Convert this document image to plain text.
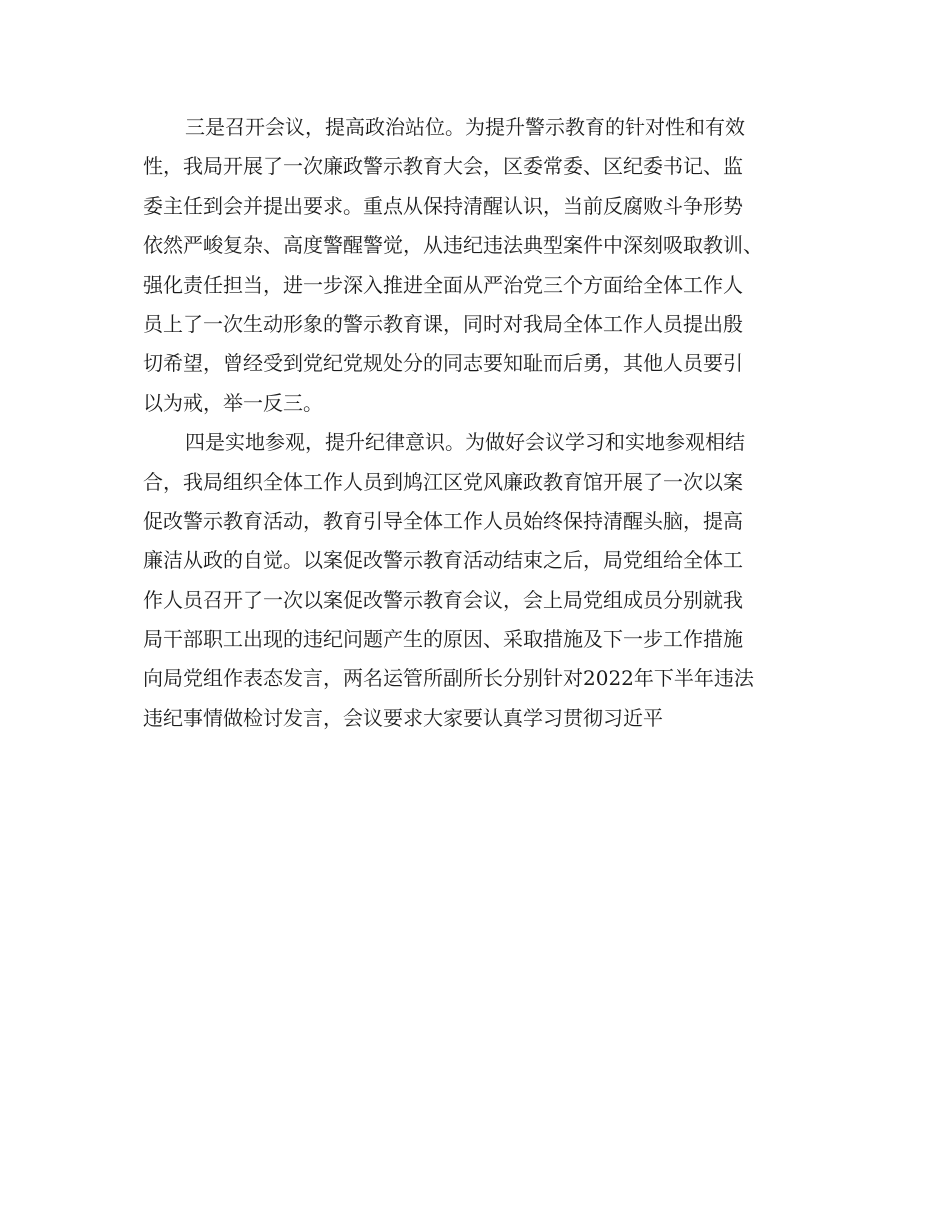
三是召开会议，提高政治站位。为提升警示教育的针对性和有效
性，我局开展了一次廉政警示教育大会，区委常委、区纪委书记、监
委主任到会并提出要求。重点从保持清醒认识，当前反腐败斗争形势
依然严峻复杂、高度警醒警觉，从违纪违法典型案件中深刻吸取教训、
强化责任担当，进一步深入推进全面从严治党三个方面给全体工作人
员上了一次生动形象的警示教育课，同时对我局全体工作人员提出殷
切希望，曾经受到党纪党规处分的同志要知耻而后勇，其他人员要引
以为戒，举一反三。
四是实地参观，提升纪律意识。为做好会议学习和实地参观相结
合，我局组织全体工作人员到鸠江区党风廉政教育馆开展了一次以案
促改警示教育活动，教育引导全体工作人员始终保持清醒头脑，提高
廉洁从政的自觉。以案促改警示教育活动结束之后，局党组给全体工
作人员召开了一次以案促改警示教育会议，会上局党组成员分别就我
局干部职工出现的违纪问题产生的原因、采取措施及下一步工作措施
向局党组作表态发言，两名运管所副所长分别针对2022年下半年违法
违纪事情做检讨发言，会议要求大家要认真学习贯彻习近平
